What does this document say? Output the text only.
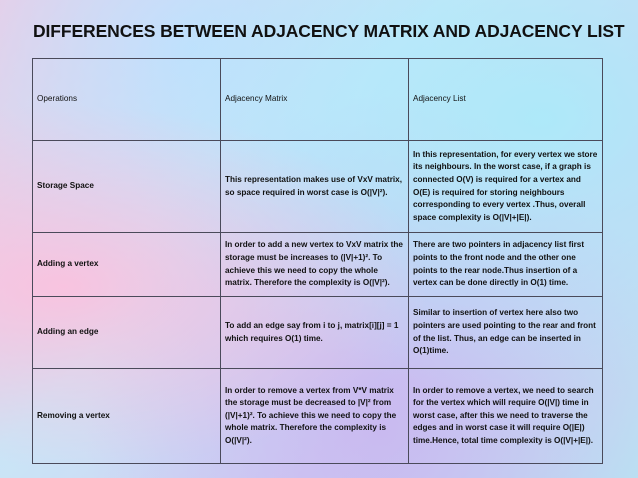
DIFFERENCES BETWEEN ADJACENCY MATRIX AND ADJACENCY LIST
Operations	Adjacency Matrix	Adjacency List
Storage Space	This representation makes use of VxV matrix, so space required in worst case is O(|V|²).	In this representation, for every vertex we store its neighbours. In the worst case, if a graph is connected O(V) is required for a vertex and O(E) is required for storing neighbours corresponding to every vertex .Thus, overall space complexity is O(|V|+|E|).
Adding a vertex	In order to add a new vertex to VxV matrix the storage must be increases to (|V|+1)². To achieve this we need to copy the whole matrix. Therefore the complexity is O(|V|²).	There are two pointers in adjacency list first points to the front node and the other one points to the rear node.Thus insertion of a vertex can be done directly in O(1) time.
Adding an edge	To add an edge say from i to j, matrix[i][j] = 1 which requires O(1) time.	Similar to insertion of vertex here also two pointers are used pointing to the rear and front of the list. Thus, an edge can be inserted in O(1)time.
Removing a vertex	In order to remove a vertex from V*V matrix the storage must be decreased to |V|² from (|V|+1)². To achieve this we need to copy the whole matrix. Therefore the complexity is O(|V|²).	In order to remove a vertex, we need to search for the vertex which will require O(|V|) time in worst case, after this we need to traverse the edges and in worst case it will require O(|E|) time.Hence, total time complexity is O(|V|+|E|).
